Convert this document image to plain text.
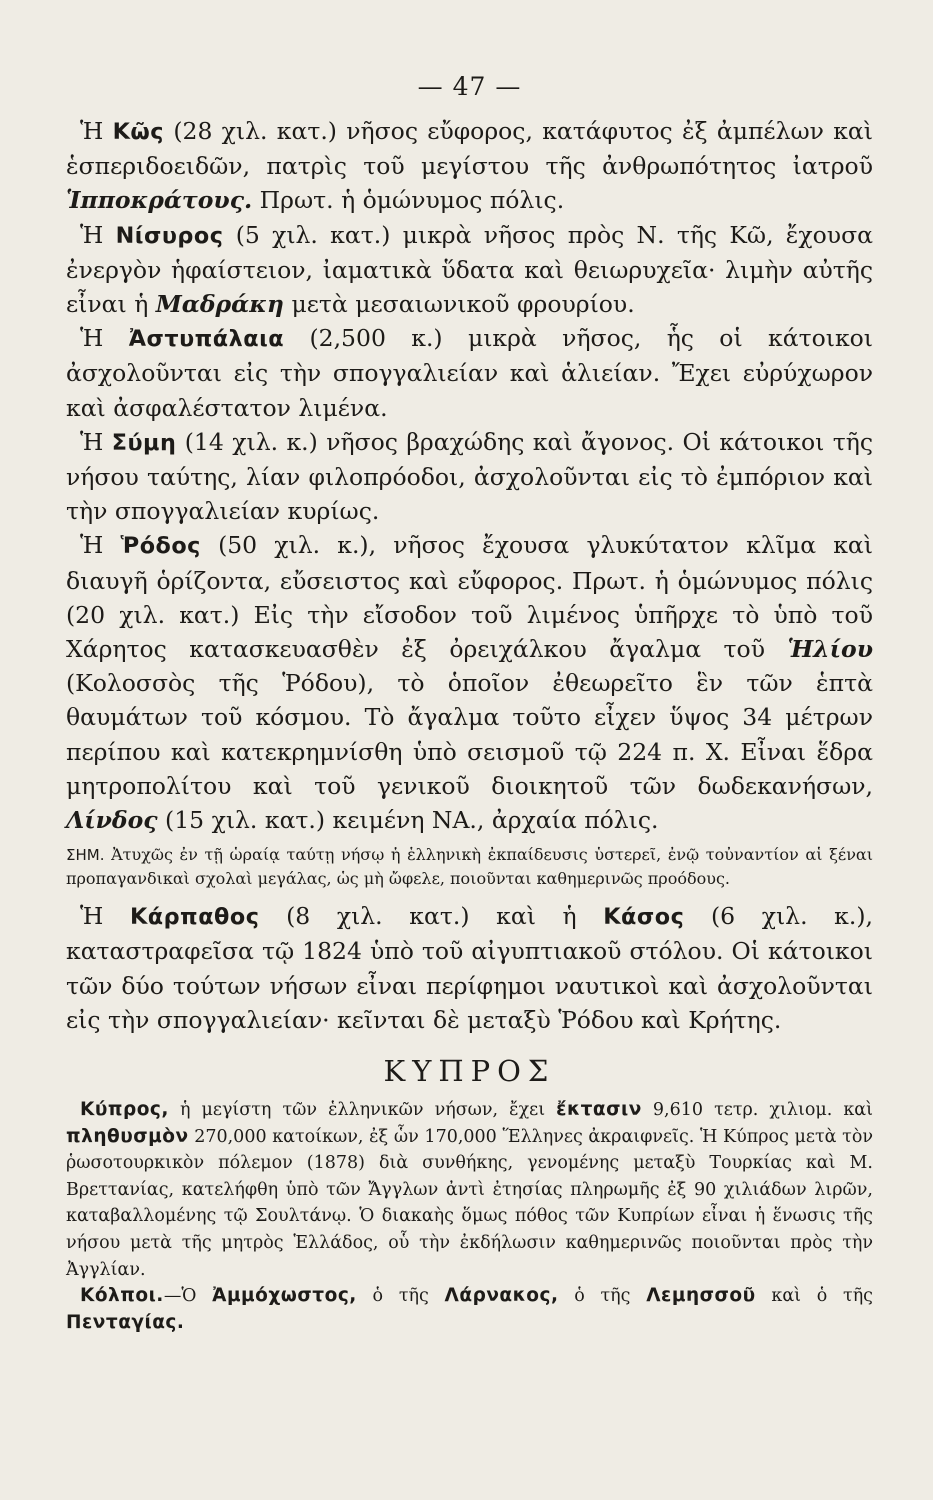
— 47 —

Ἡ Κῶς (28 χιλ. κατ.) νῆσος εὔφορος, κατάφυτος ἐξ ἀμπέλων καὶ ἑσπεριδοειδῶν, πατρὶς τοῦ μεγίστου τῆς ἀνθρωπότητος ἰατροῦ Ἱπποκράτους. Πρωτ. ἡ ὁμώνυμος πόλις.

Ἡ Νίσυρος (5 χιλ. κατ.) μικρὰ νῆσος πρὸς Ν. τῆς Κῶ, ἔχουσα ἐνεργὸν ἡφαίστειον, ἰαματικὰ ὕδατα καὶ θειωρυχεῖα· λιμὴν αὐτῆς εἶναι ἡ Μαδράκη μετὰ μεσαιωνικοῦ φρουρίου.

Ἡ Ἀστυπάλαια (2,500 κ.) μικρὰ νῆσος, ἧς οἱ κάτοικοι ἀσχολοῦνται εἰς τὴν σπογγαλιείαν καὶ ἁλιείαν. Ἔχει εὐρύχωρον καὶ ἀσφαλέστατον λιμένα.

Ἡ Σύμη (14 χιλ. κ.) νῆσος βραχώδης καὶ ἄγονος. Οἱ κάτοικοι τῆς νήσου ταύτης, λίαν φιλοπρόοδοι, ἀσχολοῦνται εἰς τὸ ἐμπόριον καὶ τὴν σπογγαλιείαν κυρίως.

Ἡ Ῥόδος (50 χιλ. κ.), νῆσος ἔχουσα γλυκύτατον κλῖμα καὶ διαυγῆ ὁρίζοντα, εὔσειστος καὶ εὔφορος. Πρωτ. ἡ ὁμώνυμος πόλις (20 χιλ. κατ.) Εἰς τὴν εἴσοδον τοῦ λιμένος ὑπῆρχε τὸ ὑπὸ τοῦ Χάρητος κατασκευασθὲν ἐξ ὀρειχάλκου ἄγαλμα τοῦ Ἡλίου (Κολοσσὸς τῆς Ῥόδου), τὸ ὁποῖον ἐθεωρεῖτο ἓν τῶν ἑπτὰ θαυμάτων τοῦ κόσμου. Τὸ ἄγαλμα τοῦτο εἶχεν ὕψος 34 μέτρων περίπου καὶ κατεκρημνίσθη ὑπὸ σεισμοῦ τῷ 224 π. Χ. Εἶναι ἕδρα μητροπολίτου καὶ τοῦ γενικοῦ διοικητοῦ τῶν δωδεκανήσων, Λίνδος (15 χιλ. κατ.) κειμένη ΝΑ., ἀρχαία πόλις.

ΣΗΜ. Ἀτυχῶς ἐν τῇ ὡραίᾳ ταύτῃ νήσῳ ἡ ἑλληνικὴ ἐκπαίδευσις ὑστερεῖ, ἐνῷ τοὐναντίον αἱ ξέναι προπαγανδικαὶ σχολαὶ μεγάλας, ὡς μὴ ὤφελε, ποιοῦνται καθημερινῶς προόδους.

Ἡ Κάρπαθος (8 χιλ. κατ.) καὶ ἡ Κάσος (6 χιλ. κ.), καταστραφεῖσα τῷ 1824 ὑπὸ τοῦ αἰγυπτιακοῦ στόλου. Οἱ κάτοικοι τῶν δύο τούτων νήσων εἶναι περίφημοι ναυτικοὶ καὶ ἀσχολοῦνται εἰς τὴν σπογγαλιείαν· κεῖνται δὲ μεταξὺ Ῥόδου καὶ Κρήτης.

ΚΥΠΡΟΣ

Κύπρος, ἡ μεγίστη τῶν ἑλληνικῶν νήσων, ἔχει ἔκτασιν 9,610 τετρ. χιλιομ. καὶ πληθυσμὸν 270,000 κατοίκων, ἐξ ὧν 170,000 Ἕλληνες ἀκραιφνεῖς. Ἡ Κύπρος μετὰ τὸν ῥωσοτουρκικὸν πόλεμον (1878) διὰ συνθήκης, γενομένης μεταξὺ Τουρκίας καὶ Μ. Βρεττανίας, κατελήφθη ὑπὸ τῶν Ἄγγλων ἀντὶ ἐτησίας πληρωμῆς ἐξ 90 χιλιάδων λιρῶν, καταβαλλομένης τῷ Σουλτάνῳ. Ὁ διακαὴς ὅμως πόθος τῶν Κυπρίων εἶναι ἡ ἕνωσις τῆς νήσου μετὰ τῆς μητρὸς Ἑλλάδος, οὗ τὴν ἐκδήλωσιν καθημερινῶς ποιοῦνται πρὸς τὴν Ἀγγλίαν.

Κόλποι.—Ὁ Ἀμμόχωστος, ὁ τῆς Λάρνακος, ὁ τῆς Λεμησσοῦ καὶ ὁ τῆς Πενταγίας.
